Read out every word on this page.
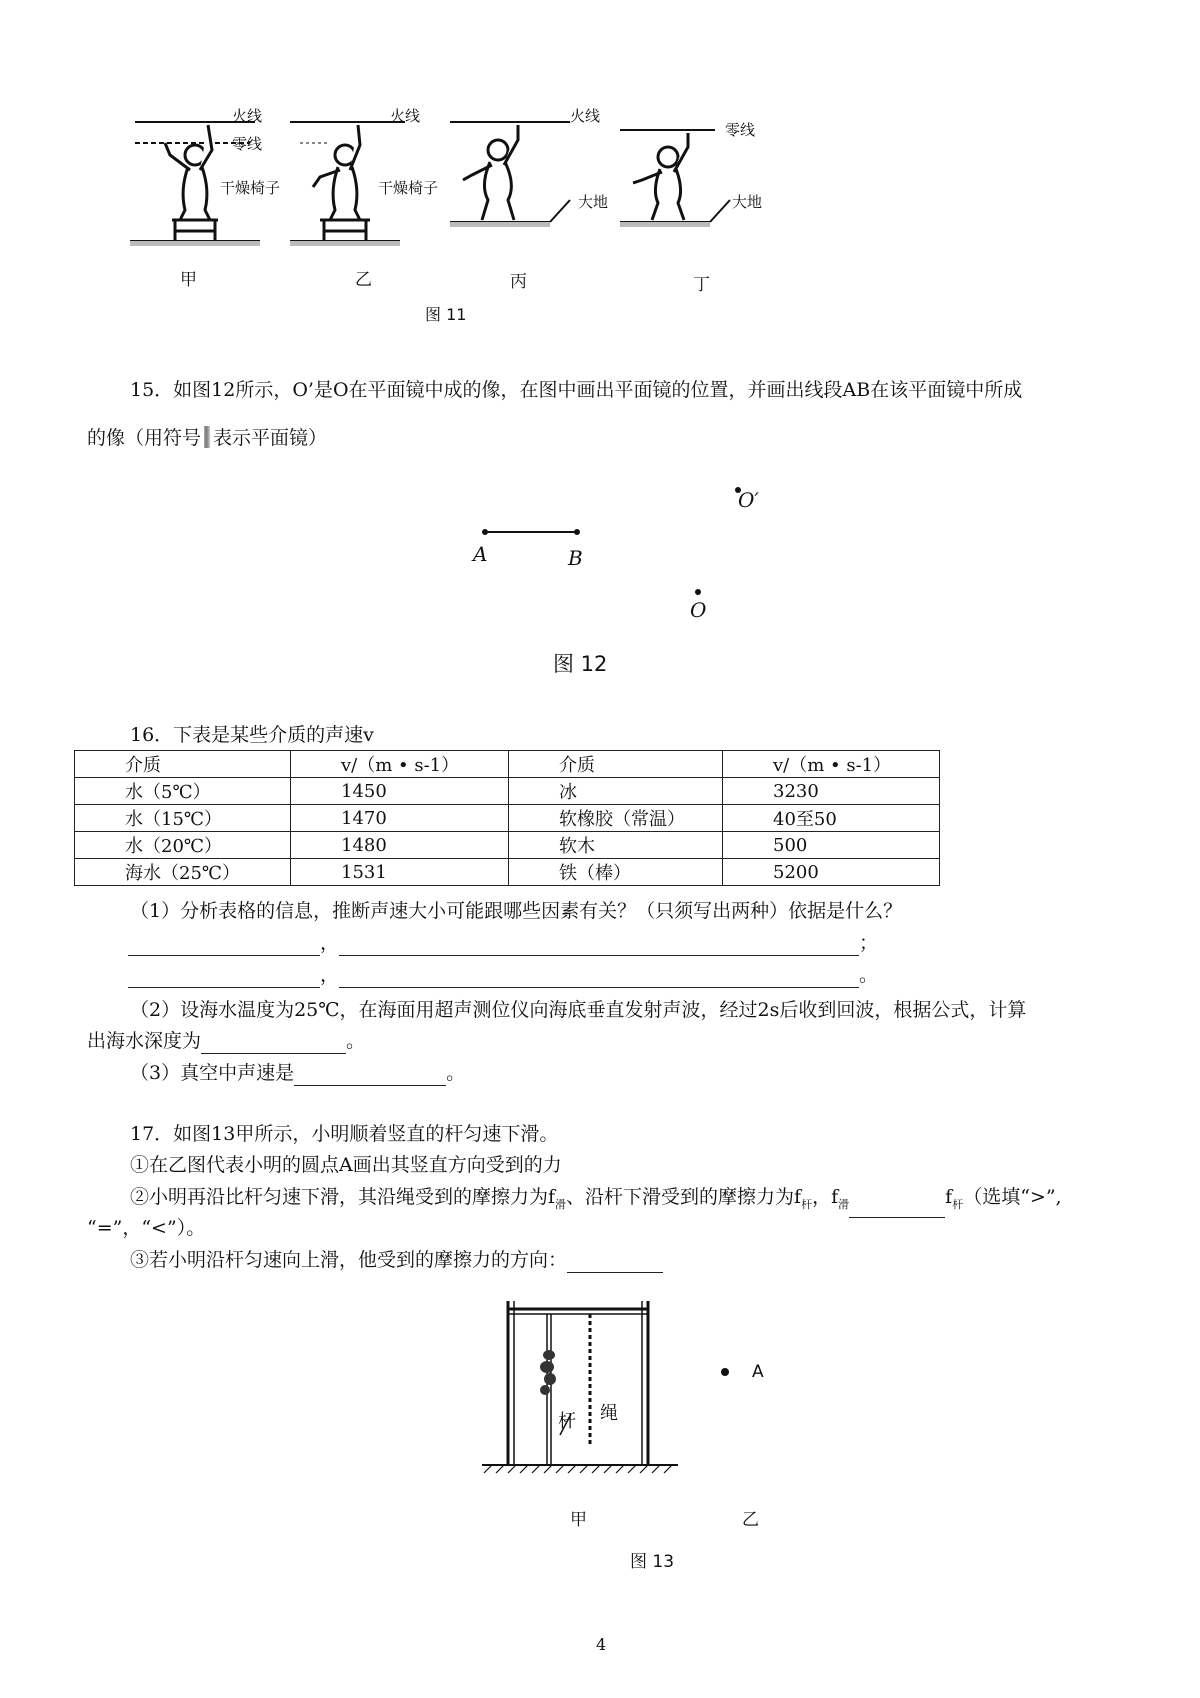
火线
零线
干燥椅子
火线
干燥椅子
火线
大地
零线
大地
甲	乙	丙	丁
图 11
15．如图12所示，O’是O在平面镜中成的像，在图中画出平面镜的位置，并画出线段AB在该平面镜中所成
的像（用符号 表示平面镜）
A	B
O
O′
图 12
16．下表是某些介质的声速v
介质	v/（m • s-1）	介质	v/（m • s-1）
水（5℃）	1450	冰	3230
水（15℃）	1470	软橡胶（常温）	40至50
水（20℃）	1480	软木	500
海水（25℃）	1531	铁（棒）	5200
（1）分析表格的信息，推断声速大小可能跟哪些因素有关？（只须写出两种）依据是什么？
，	；
，	。
（2）设海水温度为25℃，在海面用超声测位仪向海底垂直发射声波，经过2s后收到回波，根据公式，计算
出海水深度为	。
（3）真空中声速是	。
17．如图13甲所示，小明顺着竖直的杆匀速下滑。
①在乙图代表小明的圆点A画出其竖直方向受到的力
②小明再沿比杆匀速下滑，其沿绳受到的摩擦力为$f_滑$、沿杆下滑受到的摩擦力为$f_杆$，$f_滑$	$f_杆$（选填“>”,
“=”，“<”）。
③若小明沿杆匀速向上滑，他受到的摩擦力的方向：
杆 绳
A
甲	乙
图 13
4
